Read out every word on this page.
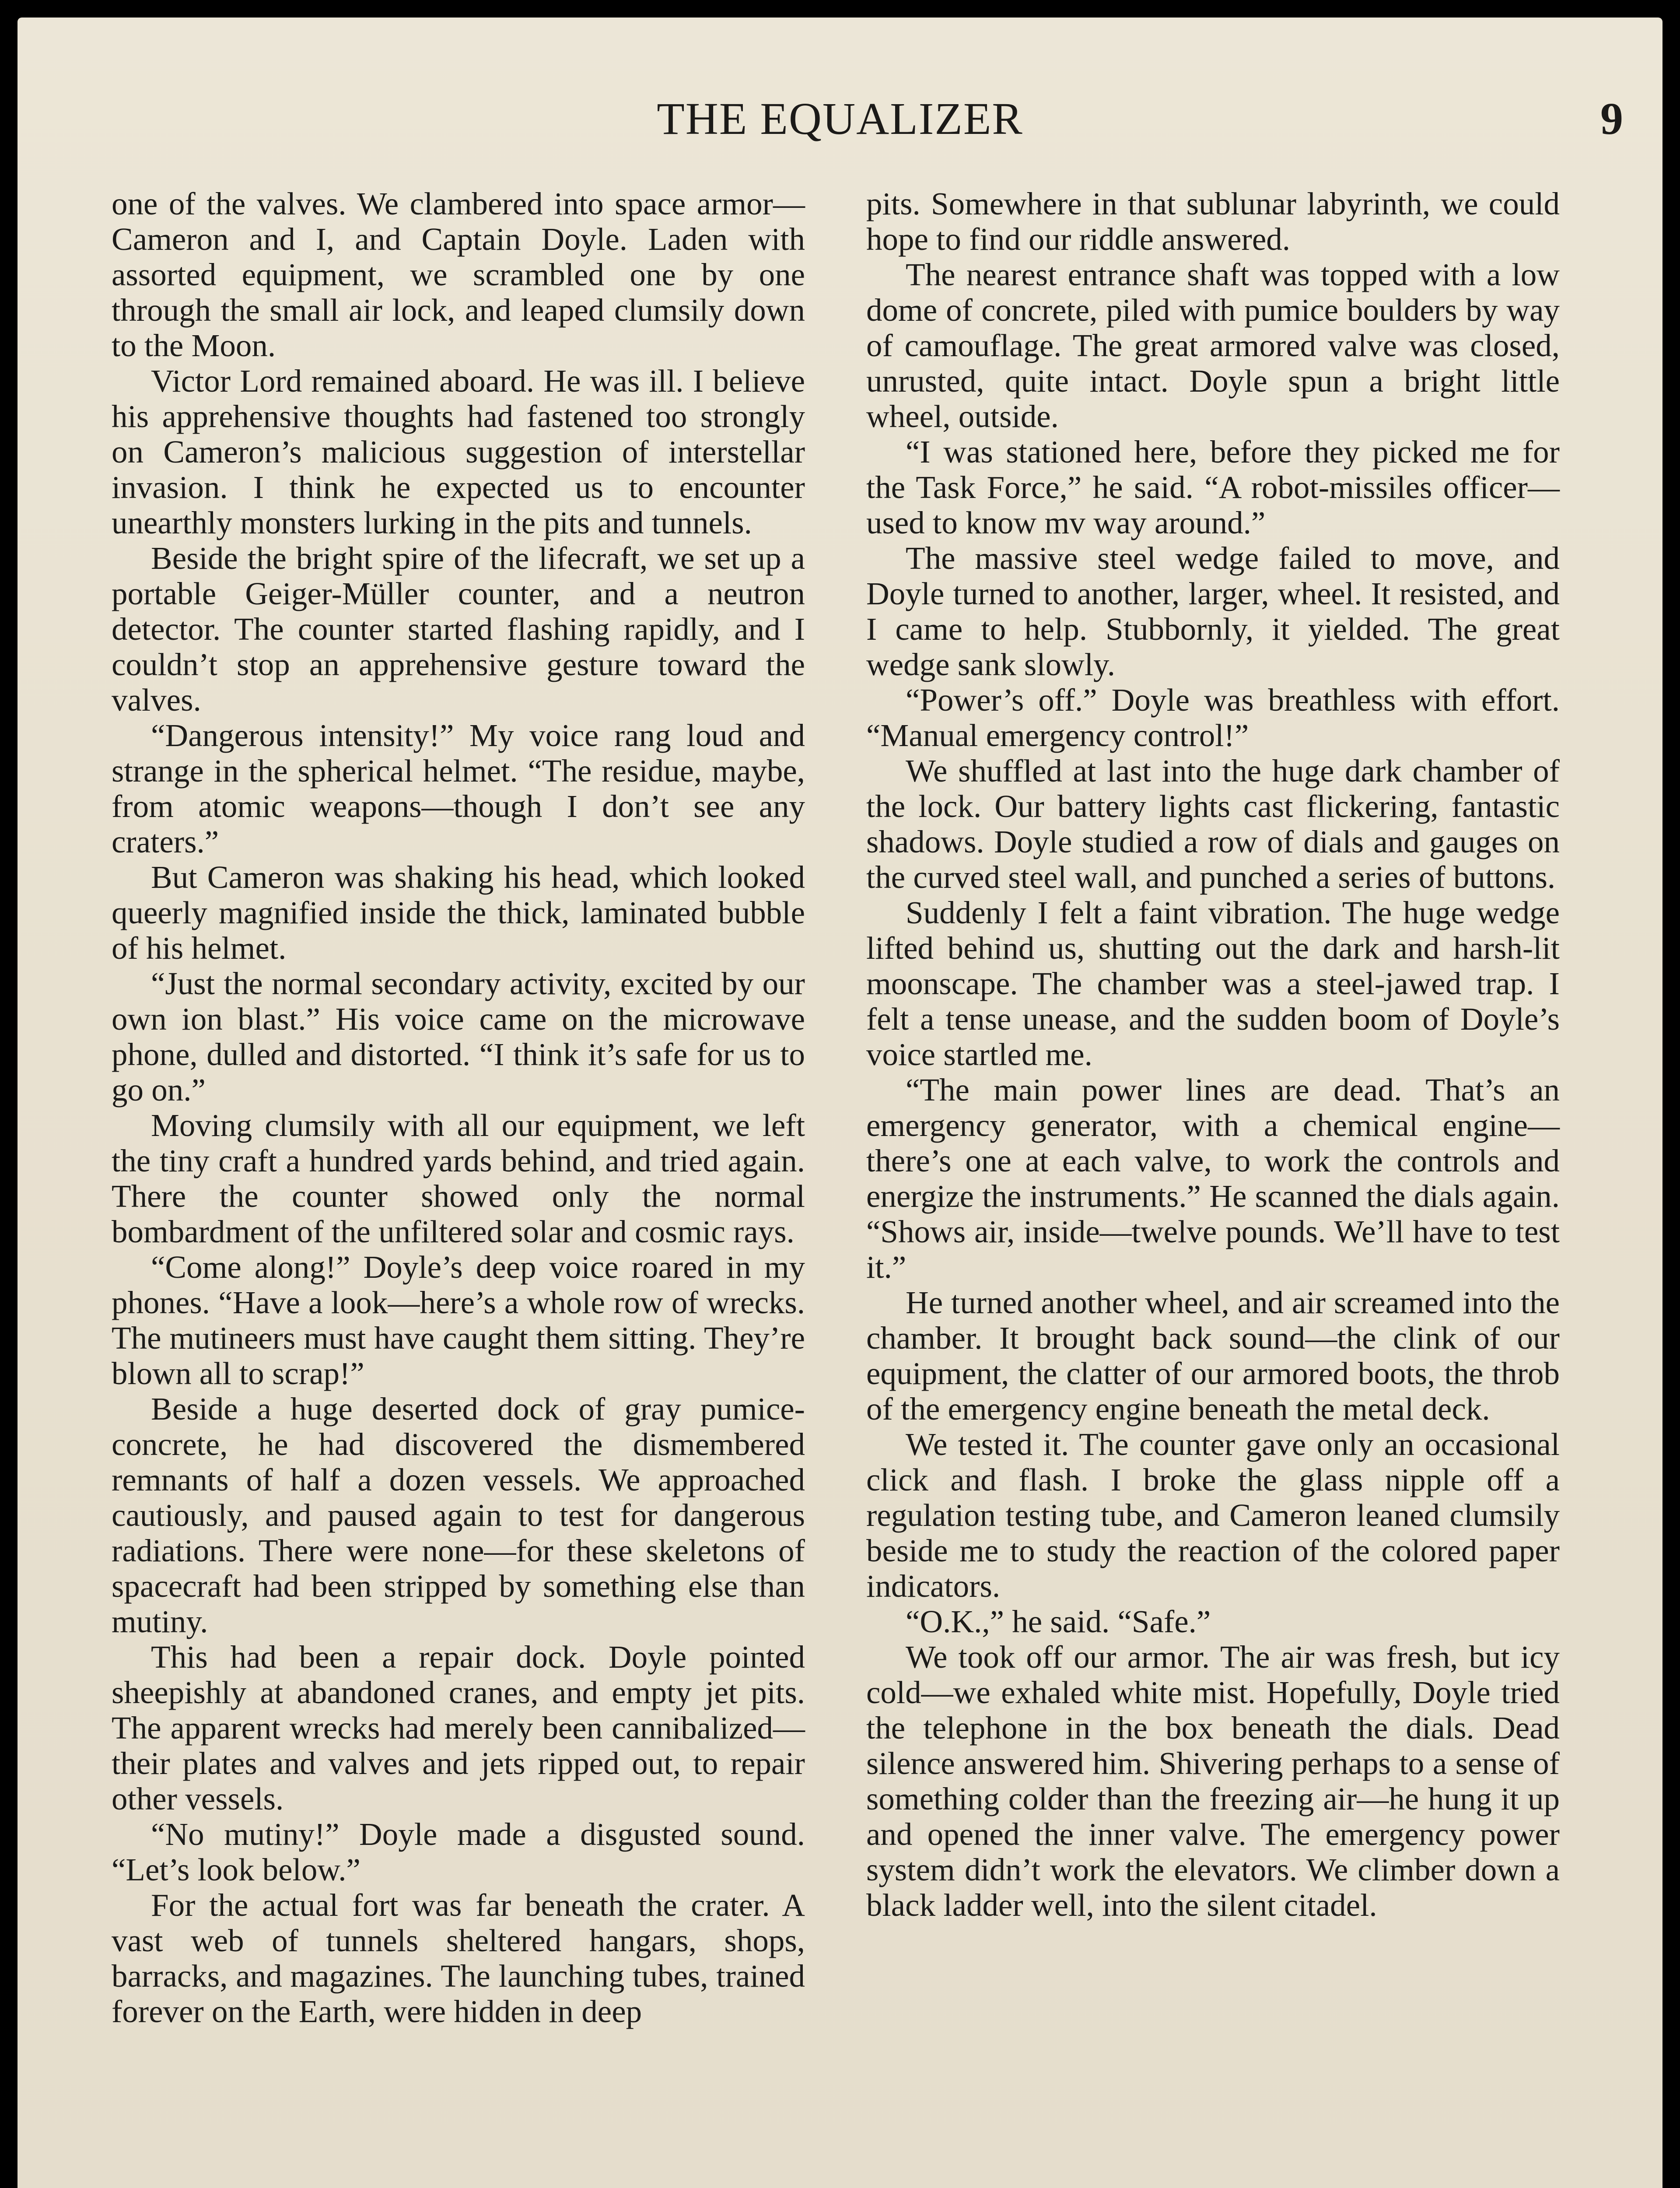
THE EQUALIZER	9

one of the valves. We clambered into space armor—Cameron and I, and Captain Doyle. Laden with assorted equipment, we scrambled one by one through the small air lock, and leaped clumsily down to the Moon.

Victor Lord remained aboard. He was ill. I believe his apprehensive thoughts had fastened too strongly on Cameron’s malicious suggestion of interstellar invasion. I think he expected us to encounter unearthly monsters lurking in the pits and tunnels.

Beside the bright spire of the lifecraft, we set up a portable Geiger-Müller counter, and a neutron detector. The counter started flashing rapidly, and I couldn’t stop an apprehensive gesture toward the valves.

“Dangerous intensity!” My voice rang loud and strange in the spherical helmet. “The residue, maybe, from atomic weapons—though I don’t see any craters.”

But Cameron was shaking his head, which looked queerly magnified inside the thick, laminated bubble of his helmet.

“Just the normal secondary activity, excited by our own ion blast.” His voice came on the microwave phone, dulled and distorted. “I think it’s safe for us to go on.”

Moving clumsily with all our equipment, we left the tiny craft a hundred yards behind, and tried again. There the counter showed only the normal bombardment of the unfiltered solar and cosmic rays.

“Come along!” Doyle’s deep voice roared in my phones. “Have a look—here’s a whole row of wrecks. The mutineers must have caught them sitting. They’re blown all to scrap!”

Beside a huge deserted dock of gray pumice-concrete, he had discovered the dismembered remnants of half a dozen vessels. We approached cautiously, and paused again to test for dangerous radiations. There were none—for these skeletons of spacecraft had been stripped by something else than mutiny.

This had been a repair dock. Doyle pointed sheepishly at abandoned cranes, and empty jet pits. The apparent wrecks had merely been cannibalized—their plates and valves and jets ripped out, to repair other vessels.

“No mutiny!” Doyle made a disgusted sound. “Let’s look below.”

For the actual fort was far beneath the crater. A vast web of tunnels sheltered hangars, shops, barracks, and magazines. The launching tubes, trained forever on the Earth, were hidden in deep

pits. Somewhere in that sublunar labyrinth, we could hope to find our riddle answered.

The nearest entrance shaft was topped with a low dome of concrete, piled with pumice boulders by way of camouflage. The great armored valve was closed, unrusted, quite intact. Doyle spun a bright little wheel, outside.

“I was stationed here, before they picked me for the Task Force,” he said. “A robot-missiles officer—used to know mv way around.”

The massive steel wedge failed to move, and Doyle turned to another, larger, wheel. It resisted, and I came to help. Stubbornly, it yielded. The great wedge sank slowly.

“Power’s off.” Doyle was breathless with effort. “Manual emergency control!”

We shuffled at last into the huge dark chamber of the lock. Our battery lights cast flickering, fantastic shadows. Doyle studied a row of dials and gauges on the curved steel wall, and punched a series of buttons.

Suddenly I felt a faint vibration. The huge wedge lifted behind us, shutting out the dark and harsh-lit moonscape. The chamber was a steel-jawed trap. I felt a tense unease, and the sudden boom of Doyle’s voice startled me.

“The main power lines are dead. That’s an emergency generator, with a chemical engine—there’s one at each valve, to work the controls and energize the instruments.” He scanned the dials again. “Shows air, inside—twelve pounds. We’ll have to test it.”

He turned another wheel, and air screamed into the chamber. It brought back sound—the clink of our equipment, the clatter of our armored boots, the throb of the emergency engine beneath the metal deck.

We tested it. The counter gave only an occasional click and flash. I broke the glass nipple off a regulation testing tube, and Cameron leaned clumsily beside me to study the reaction of the colored paper indicators.

“O.K.,” he said. “Safe.”

We took off our armor. The air was fresh, but icy cold—we exhaled white mist. Hopefully, Doyle tried the telephone in the box beneath the dials. Dead silence answered him. Shivering perhaps to a sense of something colder than the freezing air—he hung it up and opened the inner valve. The emergency power system didn’t work the elevators. We climber down a black ladder well, into the silent citadel.
